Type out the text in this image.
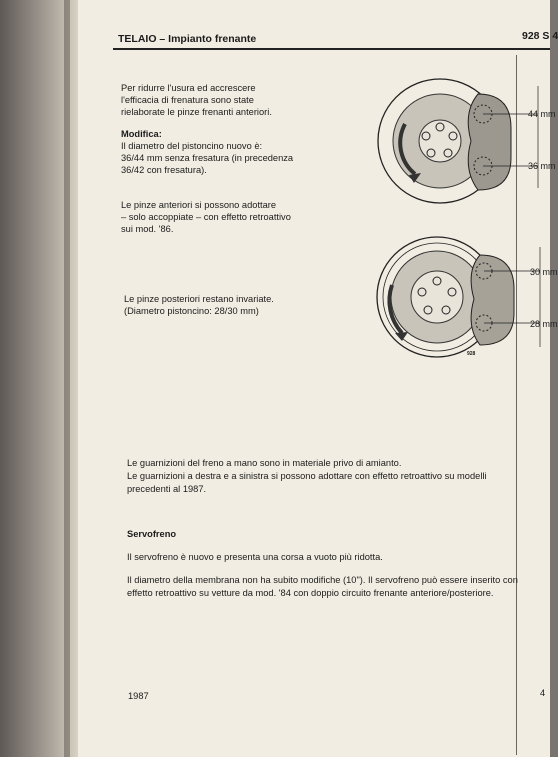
TELAIO – Impianto frenante	928 S 4
Per ridurre l'usura ed accrescere
l'efficacia di frenatura sono state
rielaborate le pinze frenanti anteriori.
Modifica:
Il diametro del pistoncino nuovo è:
36/44 mm senza fresatura (in precedenza
36/42 con fresatura).
Le pinze anteriori si possono adottare
– solo accoppiate – con effetto retroattivo
sui mod. '86.
Le pinze posteriori restano invariate.
(Diametro pistoncino: 28/30 mm)
44 mm
36 mm
30 mm
28 mm
928
Le guarnizioni del freno a mano sono in materiale privo di amianto.
Le guarnizioni a destra e a sinistra si possono adottare con effetto retroattivo su modelli
precedenti al 1987.
Servofreno
Il servofreno è nuovo e presenta una corsa a vuoto più ridotta.
Il diametro della membrana non ha subito modifiche (10"). Il servofreno può essere inserito con
effetto retroattivo su vetture da mod. '84 con doppio circuito frenante anteriore/posteriore.
1987	4
